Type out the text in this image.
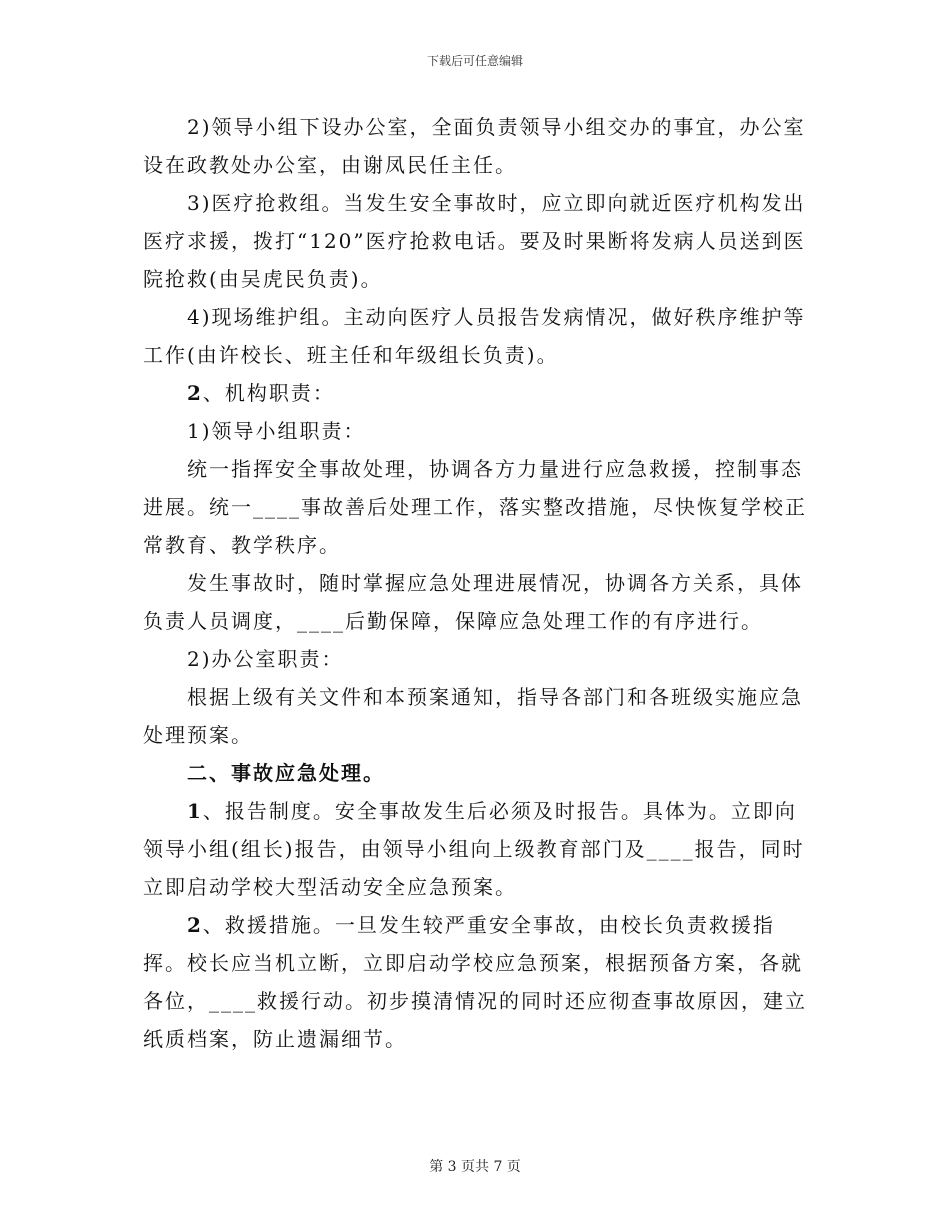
下载后可任意编辑

2)领导小组下设办公室，全面负责领导小组交办的事宜，办公室设在政教处办公室，由谢凤民任主任。

3)医疗抢救组。当发生安全事故时，应立即向就近医疗机构发出医疗求援，拨打“120”医疗抢救电话。要及时果断将发病人员送到医院抢救(由吴虎民负责)。

4)现场维护组。主动向医疗人员报告发病情况，做好秩序维护等工作(由许校长、班主任和年级组长负责)。

2、机构职责：

1)领导小组职责：

统一指挥安全事故处理，协调各方力量进行应急救援，控制事态进展。统一____事故善后处理工作，落实整改措施，尽快恢复学校正常教育、教学秩序。

发生事故时，随时掌握应急处理进展情况，协调各方关系，具体负责人员调度，____后勤保障，保障应急处理工作的有序进行。

2)办公室职责：

根据上级有关文件和本预案通知，指导各部门和各班级实施应急处理预案。

二、事故应急处理。

1、报告制度。安全事故发生后必须及时报告。具体为。立即向领导小组(组长)报告，由领导小组向上级教育部门及____报告，同时立即启动学校大型活动安全应急预案。

2、救援措施。一旦发生较严重安全事故，由校长负责救援指挥。校长应当机立断，立即启动学校应急预案，根据预备方案，各就各位，____救援行动。初步摸清情况的同时还应彻查事故原因，建立纸质档案，防止遗漏细节。

第 3 页共 7 页
